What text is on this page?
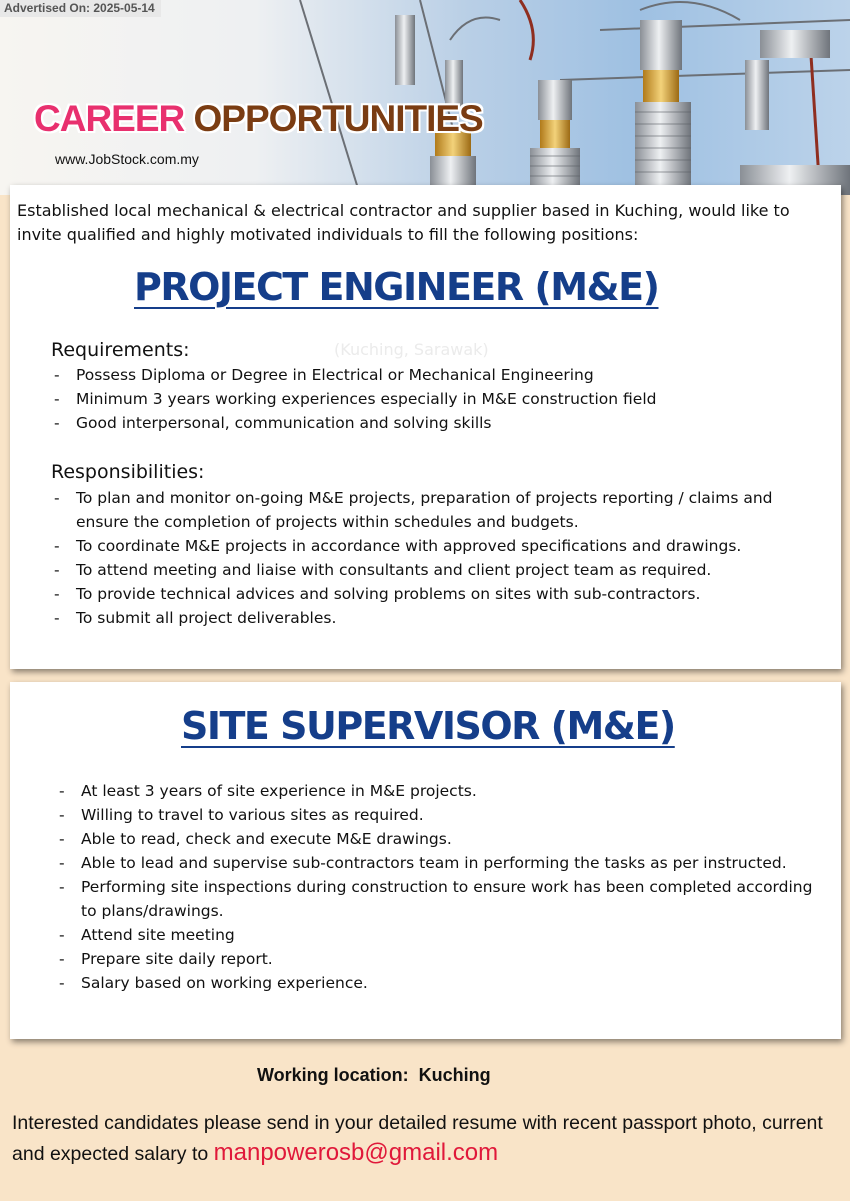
Advertised On: 2025-05-14
CAREER OPPORTUNITIES
www.JobStock.com.my
Established local mechanical & electrical contractor and supplier based in Kuching, would like to invite qualified and highly motivated individuals to fill the following positions:
PROJECT ENGINEER (M&E)
(Kuching, Sarawak)
Requirements:
- Possess Diploma or Degree in Electrical or Mechanical Engineering
- Minimum 3 years working experiences especially in M&E construction field
- Good interpersonal, communication and solving skills
Responsibilities:
- To plan and monitor on-going M&E projects, preparation of projects reporting / claims and ensure the completion of projects within schedules and budgets.
- To coordinate M&E projects in accordance with approved specifications and drawings.
- To attend meeting and liaise with consultants and client project team as required.
- To provide technical advices and solving problems on sites with sub-contractors.
- To submit all project deliverables.
SITE SUPERVISOR (M&E)
- At least 3 years of site experience in M&E projects.
- Willing to travel to various sites as required.
- Able to read, check and execute M&E drawings.
- Able to lead and supervise sub-contractors team in performing the tasks as per instructed.
- Performing site inspections during construction to ensure work has been completed according to plans/drawings.
- Attend site meeting
- Prepare site daily report.
- Salary based on working experience.
Working location:  Kuching
Interested candidates please send in your detailed resume with recent passport photo, current and expected salary to manpowerosb@gmail.com
